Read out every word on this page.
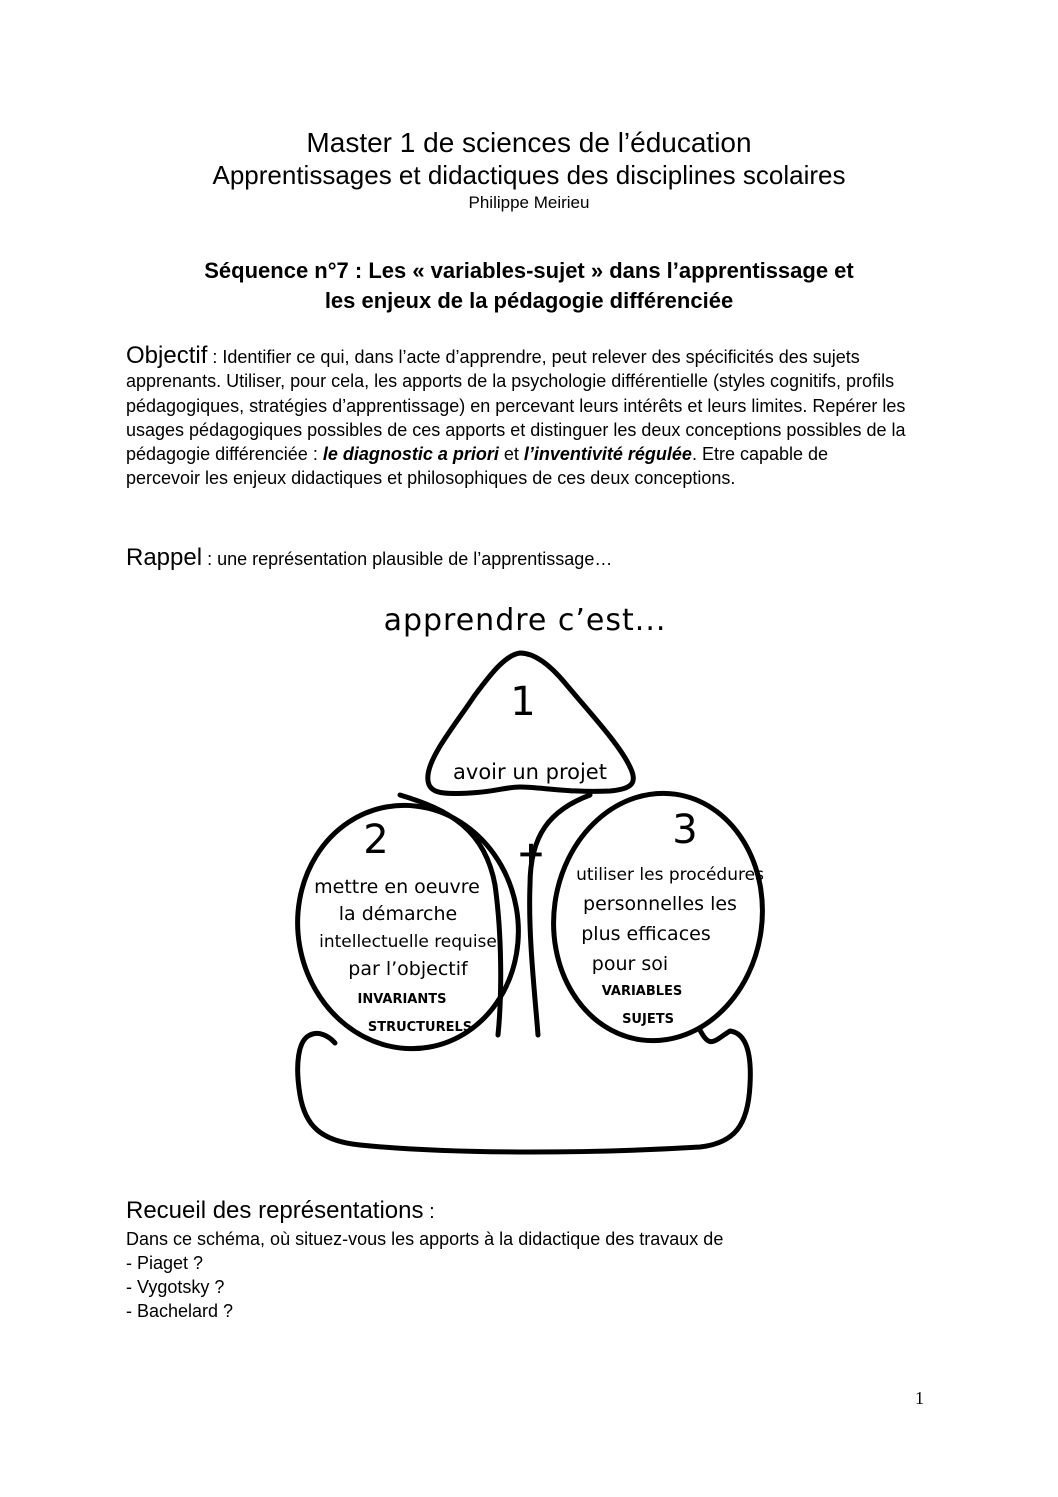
Master 1 de sciences de l’éducation
Apprentissages et didactiques des disciplines scolaires
Philippe Meirieu
Séquence n°7 : Les « variables-sujet » dans l’apprentissage et
les enjeux de la pédagogie différenciée
Objectif : Identifier ce qui, dans l’acte d’apprendre, peut relever des spécificités des sujets apprenants. Utiliser, pour cela, les apports de la psychologie différentielle (styles cognitifs, profils pédagogiques, stratégies d’apprentissage) en percevant leurs intérêts et leurs limites. Repérer les usages pédagogiques possibles de ces apports et distinguer les deux conceptions possibles de la pédagogie différenciée : le diagnostic a priori et l’inventivité régulée. Etre capable de percevoir les enjeux didactiques et philosophiques de ces deux conceptions.
Rappel : une représentation plausible de l’apprentissage…
apprendre c’est...
+
1
avoir un projet
2
mettre en oeuvre
la démarche
intellectuelle requise
par l’objectif
INVARIANTS
STRUCTURELS
3
utiliser les procédures
personnelles les
plus efficaces
pour soi
VARIABLES
SUJETS
Recueil des représentations :
Dans ce schéma, où situez-vous les apports à la didactique des travaux de
- Piaget ?
- Vygotsky ?
- Bachelard ?
1
